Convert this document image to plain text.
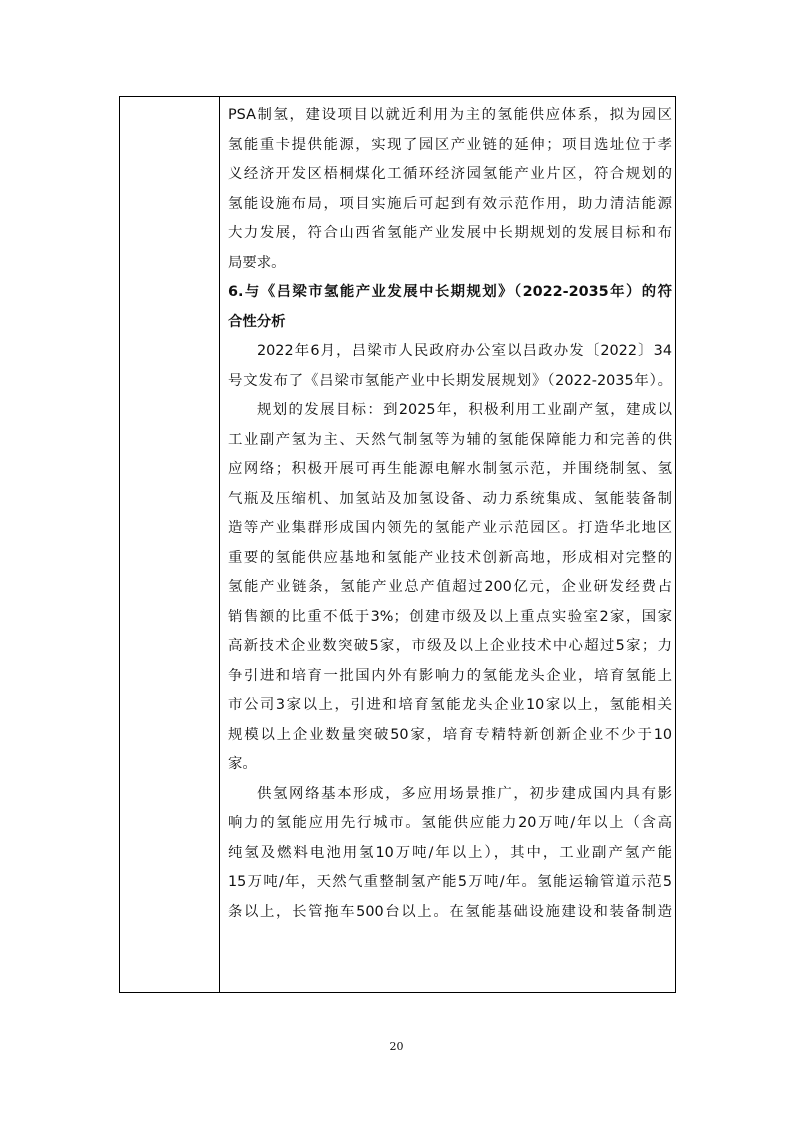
PSA制氢，建设项目以就近利用为主的氢能供应体系，拟为园区
氢能重卡提供能源，实现了园区产业链的延伸；项目选址位于孝
义经济开发区梧桐煤化工循环经济园氢能产业片区，符合规划的
氢能设施布局，项目实施后可起到有效示范作用，助力清洁能源
大力发展，符合山西省氢能产业发展中长期规划的发展目标和布
局要求。
6.与《吕梁市氢能产业发展中长期规划》（2022-2035年）的符
合性分析
2022年6月，吕梁市人民政府办公室以吕政办发〔2022〕34
号文发布了《吕梁市氢能产业中长期发展规划》（2022-2035年）。
规划的发展目标：到2025年，积极利用工业副产氢，建成以
工业副产氢为主、天然气制氢等为辅的氢能保障能力和完善的供
应网络；积极开展可再生能源电解水制氢示范，并围绕制氢、氢
气瓶及压缩机、加氢站及加氢设备、动力系统集成、氢能装备制
造等产业集群形成国内领先的氢能产业示范园区。打造华北地区
重要的氢能供应基地和氢能产业技术创新高地，形成相对完整的
氢能产业链条，氢能产业总产值超过200亿元，企业研发经费占
销售额的比重不低于3%；创建市级及以上重点实验室2家，国家
高新技术企业数突破5家，市级及以上企业技术中心超过5家；力
争引进和培育一批国内外有影响力的氢能龙头企业，培育氢能上
市公司3家以上，引进和培育氢能龙头企业10家以上，氢能相关
规模以上企业数量突破50家，培育专精特新创新企业不少于10
家。
供氢网络基本形成，多应用场景推广，初步建成国内具有影
响力的氢能应用先行城市。氢能供应能力20万吨/年以上（含高
纯氢及燃料电池用氢10万吨/年以上），其中，工业副产氢产能
15万吨/年，天然气重整制氢产能5万吨/年。氢能运输管道示范5
条以上，长管拖车500台以上。在氢能基础设施建设和装备制造
20
